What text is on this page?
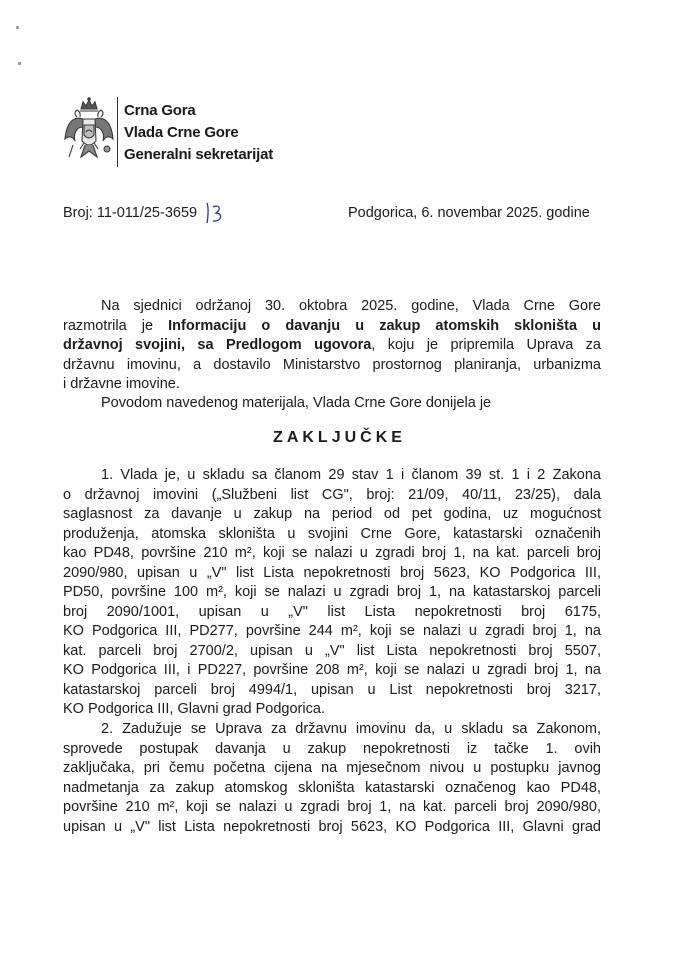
Crna Gora
Vlada Crne Gore
Generalni sekretarijat
Broj: 11-011/25-3659	Podgorica, 6. novembar 2025. godine
Na sjednici održanoj 30. oktobra 2025. godine, Vlada Crne Gore
razmotrila je Informaciju o davanju u zakup atomskih skloništa u
državnoj svojini, sa Predlogom ugovora, koju je pripremila Uprava za
državnu imovinu, a dostavilo Ministarstvo prostornog planiranja, urbanizma
i državne imovine.
Povodom navedenog materijala, Vlada Crne Gore donijela je
ZAKLJUČKE
1. Vlada je, u skladu sa članom 29 stav 1 i članom 39 st. 1 i 2 Zakona
o državnoj imovini („Službeni list CG", broj: 21/09, 40/11, 23/25), dala
saglasnost za davanje u zakup na period od pet godina, uz mogućnost
produženja, atomska skloništa u svojini Crne Gore, katastarski označenih
kao PD48, površine 210 m², koji se nalazi u zgradi broj 1, na kat. parceli broj
2090/980, upisan u „V" list Lista nepokretnosti broj 5623, KO Podgorica III,
PD50, površine 100 m², koji se nalazi u zgradi broj 1, na katastarskoj parceli
broj 2090/1001, upisan u „V" list Lista nepokretnosti broj 6175,
KO Podgorica III, PD277, površine 244 m², koji se nalazi u zgradi broj 1, na
kat. parceli broj 2700/2, upisan u „V" list Lista nepokretnosti broj 5507,
KO Podgorica III, i PD227, površine 208 m², koji se nalazi u zgradi broj 1, na
katastarskoj parceli broj 4994/1, upisan u List nepokretnosti broj 3217,
KO Podgorica III, Glavni grad Podgorica.
2. Zadužuje se Uprava za državnu imovinu da, u skladu sa Zakonom,
sprovede postupak davanja u zakup nepokretnosti iz tačke 1. ovih
zaključaka, pri čemu početna cijena na mjesečnom nivou u postupku javnog
nadmetanja za zakup atomskog skloništa katastarski označenog kao PD48,
površine 210 m², koji se nalazi u zgradi broj 1, na kat. parceli broj 2090/980,
upisan u „V" list Lista nepokretnosti broj 5623, KO Podgorica III, Glavni grad
